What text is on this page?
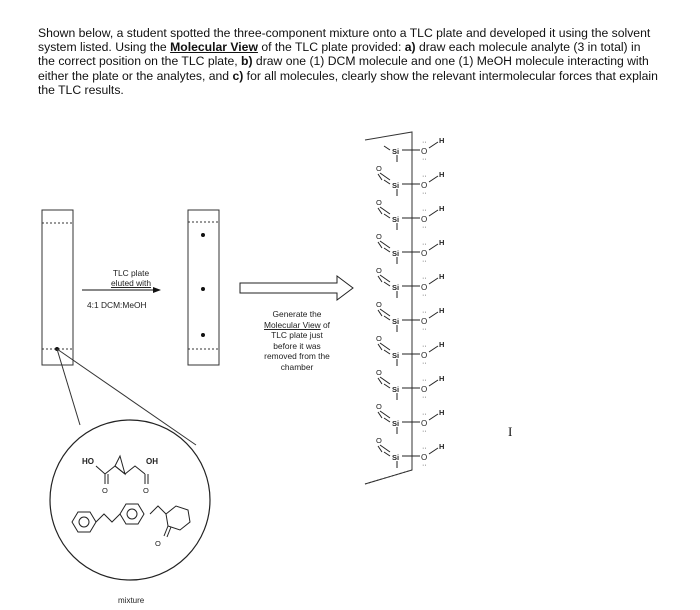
Shown below, a student spotted the three-component mixture onto a TLC plate and developed it using the solvent system listed. Using the Molecular View of the TLC plate provided: a) draw each molecule analyte (3 in total) in the correct position on the TLC plate, b) draw one (1) DCM molecule and one (1) MeOH molecule interacting with either the plate or the analytes, and c) for all molecules, clearly show the relevant intermolecular forces that explain the TLC results.
TLC plate
eluted with
4:1 DCM:MeOH
Generate the
Molecular View of
TLC plate just
before it was
removed from the
chamber
mixture
I
HO	OH
O	O
O
Si	O
··
··
H
O
Si	O
··
··
H
O
Si	O
··
··
H
O
Si	O
··
··
H
O
Si	O
··
··
H
O
Si	O
··
··
H
O
Si	O
··
··
H
O
Si	O
··
··
H
O
Si	O
··
··
H
O
Si	O
··
··
H
